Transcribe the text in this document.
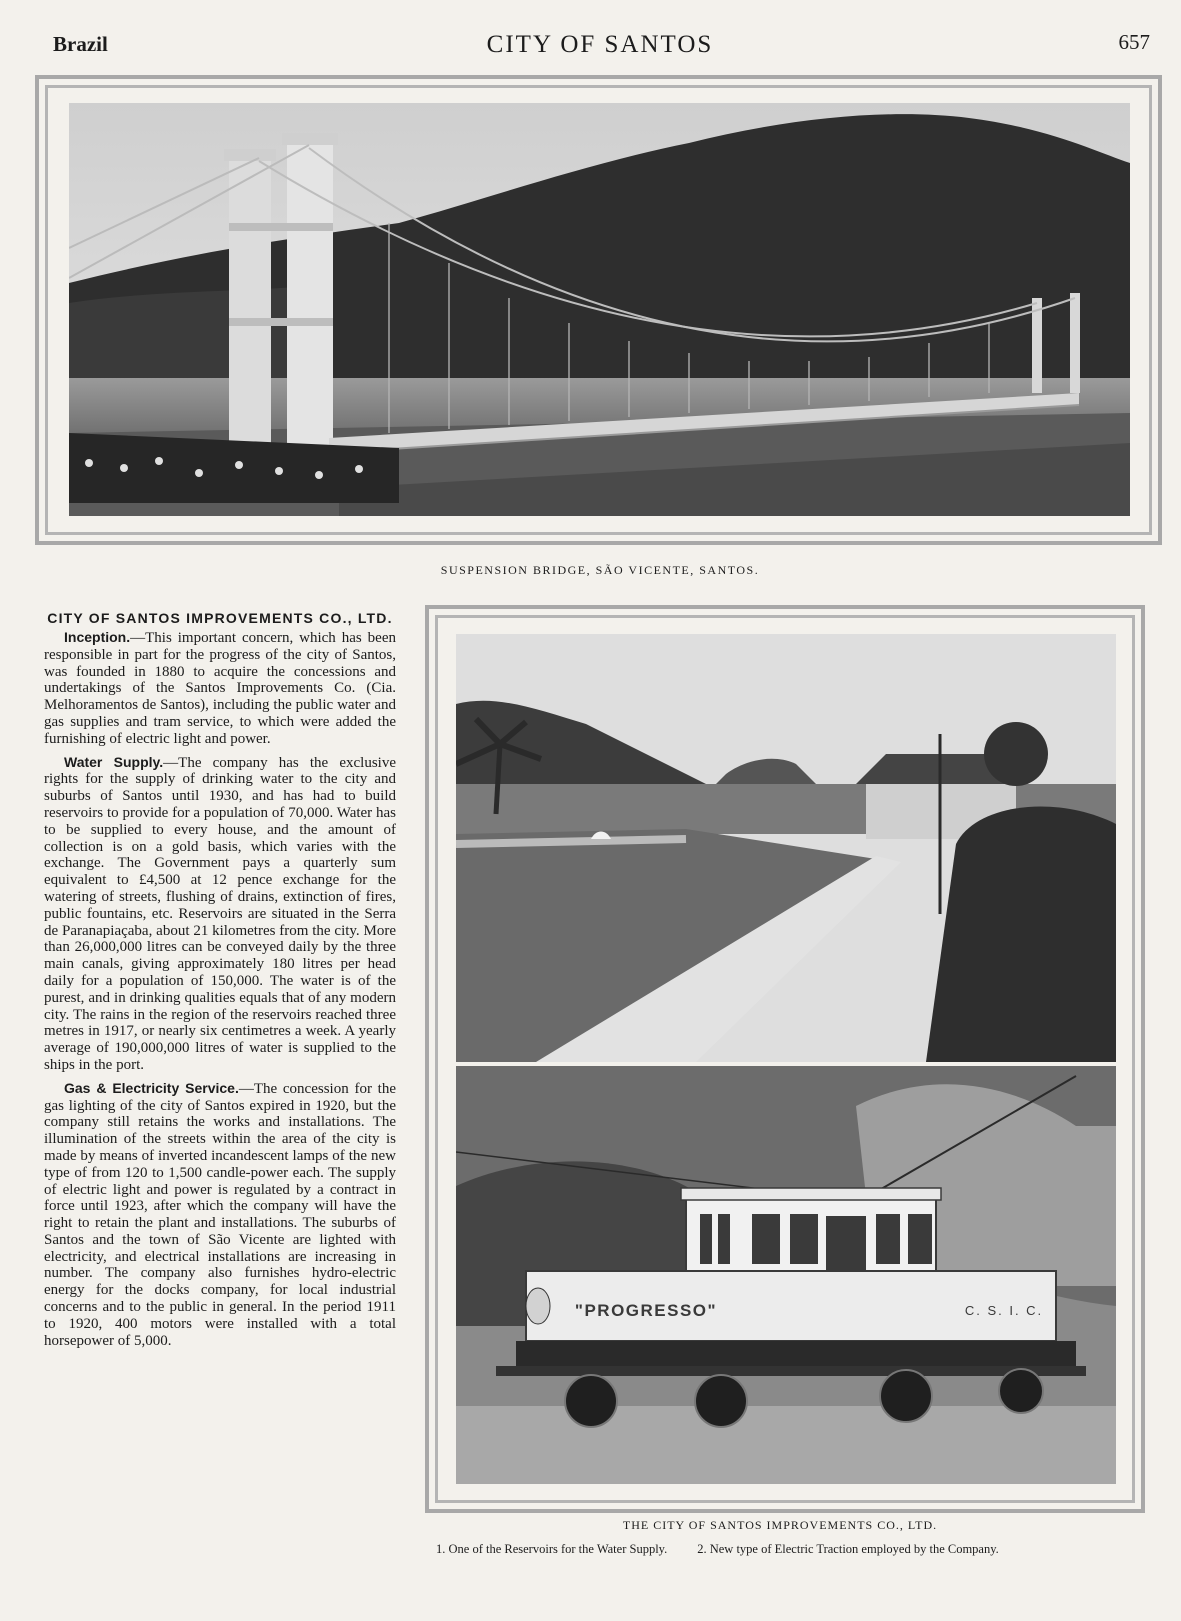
Brazil	CITY OF SANTOS	657
SUSPENSION BRIDGE, SÃO VICENTE, SANTOS.
CITY OF SANTOS IMPROVEMENTS CO., LTD.

Inception.—This important concern, which has been responsible in part for the progress of the city of Santos, was founded in 1880 to acquire the concessions and undertakings of the Santos Improvements Co. (Cia. Melhoramentos de Santos), including the public water and gas supplies and tram service, to which were added the furnishing of electric light and power.

Water Supply.—The company has the exclusive rights for the supply of drinking water to the city and suburbs of Santos until 1930, and has had to build reservoirs to provide for a population of 70,000. Water has to be supplied to every house, and the amount of collection is on a gold basis, which varies with the exchange. The Government pays a quarterly sum equivalent to £4,500 at 12 pence exchange for the watering of streets, flushing of drains, extinction of fires, public fountains, etc. Reservoirs are situated in the Serra de Paranapiaçaba, about 21 kilometres from the city. More than 26,000,000 litres can be conveyed daily by the three main canals, giving approximately 180 litres per head daily for a population of 150,000. The water is of the purest, and in drinking qualities equals that of any modern city. The rains in the region of the reservoirs reached three metres in 1917, or nearly six centimetres a week. A yearly average of 190,000,000 litres of water is supplied to the ships in the port.

Gas & Electricity Service.—The concession for the gas lighting of the city of Santos expired in 1920, but the company still retains the works and installations. The illumination of the streets within the area of the city is made by means of inverted incandescent lamps of the new type of from 120 to 1,500 candle-power each. The supply of electric light and power is regulated by a contract in force until 1923, after which the company will have the right to retain the plant and installations. The suburbs of Santos and the town of São Vicente are lighted with electricity, and electrical installations are increasing in number. The company also furnishes hydro-electric energy for the docks company, for local industrial concerns and to the public in general. In the period 1911 to 1920, 400 motors were installed with a total horsepower of 5,000.

"PROGRESSO"	C. S. I. C.
THE CITY OF SANTOS IMPROVEMENTS CO., LTD.
1. One of the Reservoirs for the Water Supply. 2. New type of Electric Traction employed by the Company.
